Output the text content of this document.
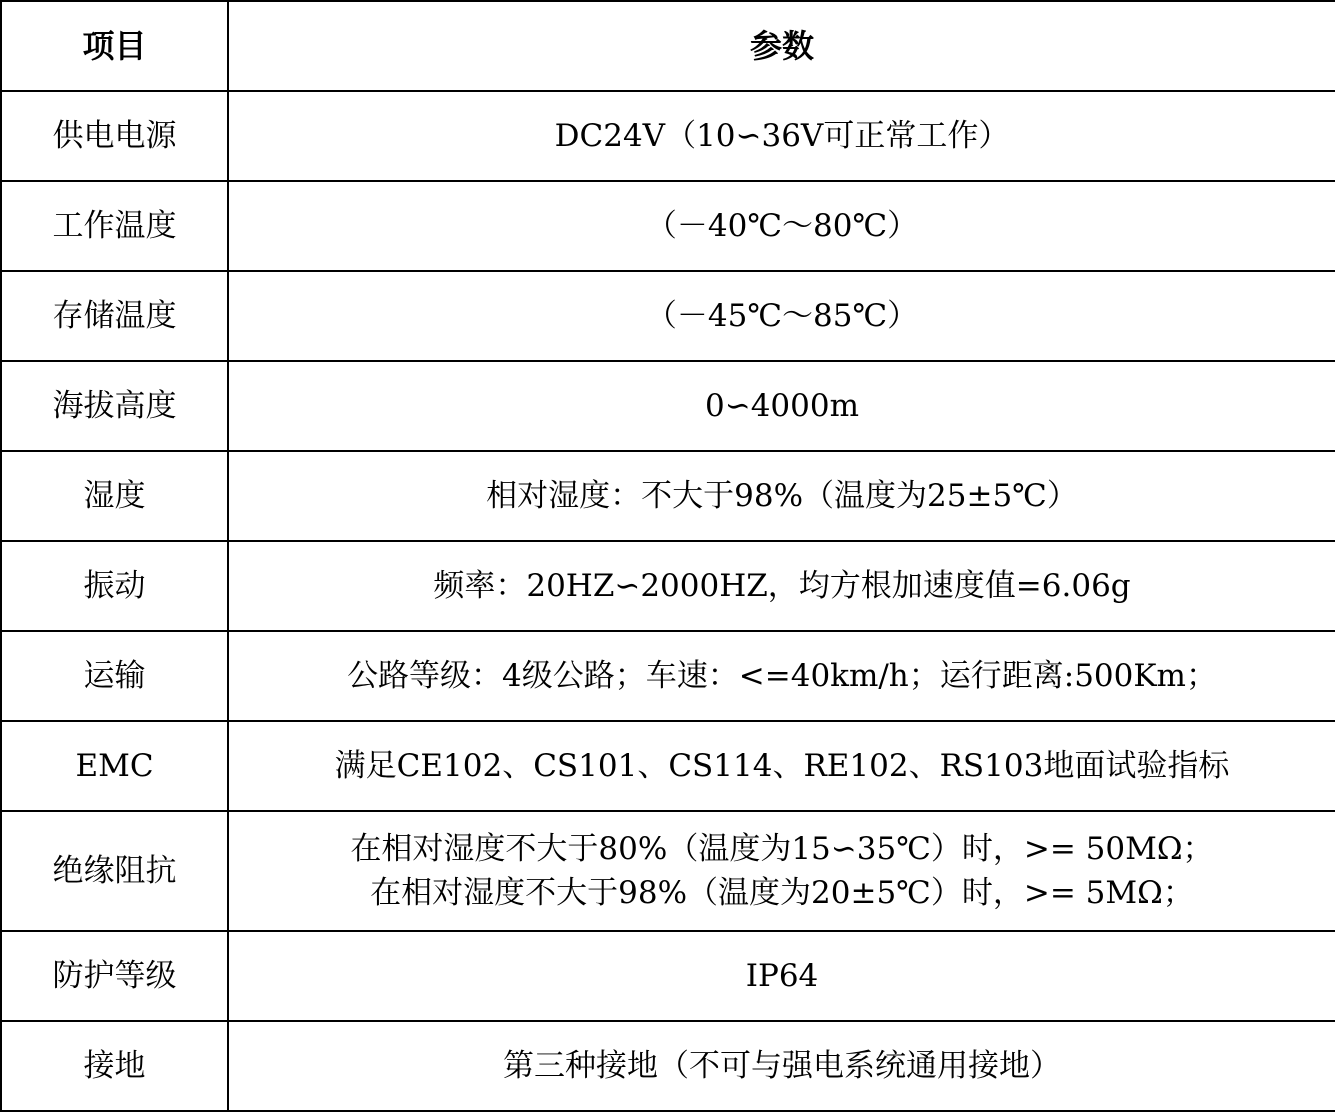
项目	参数
供电电源	DC24V（10∽36V可正常工作）

工作温度	（－40℃～80℃）

存储温度	（－45℃～85℃）

海拔高度	0∽4000m

湿度	相对湿度：不大于98%（温度为25±5℃）

振动	频率：20HZ∽2000HZ，均方根加速度值=6.06g

运输	公路等级：4级公路；车速：<=40km/h；运行距离:500Km；

EMC	满足CE102、CS101、CS114、RE102、RS103地面试验指标

绝缘阻抗	在相对湿度不大于80%（温度为15∽35℃）时，>= 50MΩ；
在相对湿度不大于98%（温度为20±5℃）时，>= 5MΩ；

防护等级	IP64

接地	第三种接地（不可与强电系统通用接地）
